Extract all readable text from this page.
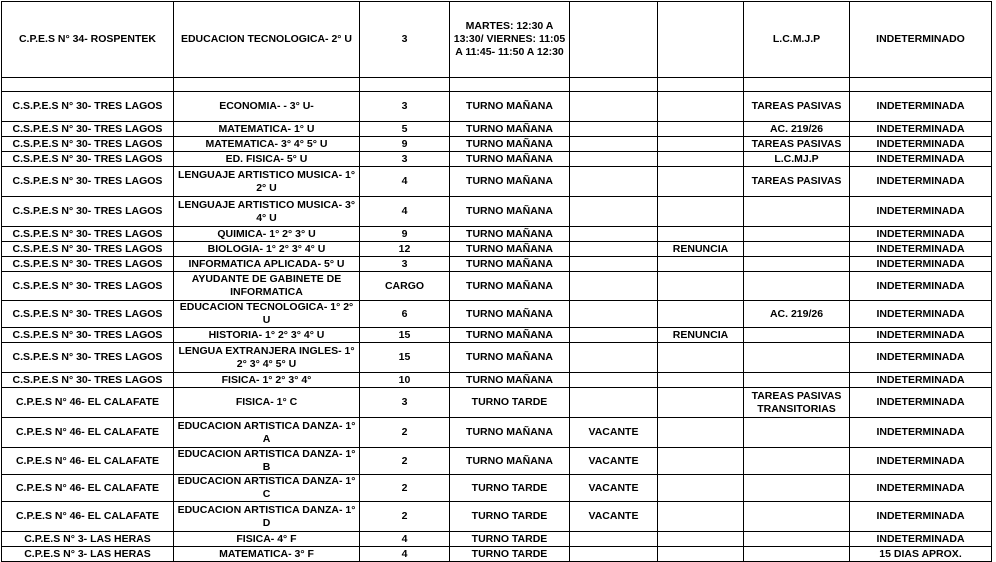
C.P.E.S N° 34- ROSPENTEK	EDUCACION TECNOLOGICA- 2° U	3	MARTES: 12:30 A 13:30/ VIERNES: 11:05 A 11:45- 11:50 A 12:30			L.C.M.J.P	INDETERMINADO

C.S.P.E.S N° 30- TRES LAGOS	ECONOMIA- - 3° U-	3	TURNO MAÑANA			TAREAS PASIVAS	INDETERMINADA
C.S.P.E.S N° 30- TRES LAGOS	MATEMATICA- 1° U	5	TURNO MAÑANA			AC. 219/26	INDETERMINADA
C.S.P.E.S N° 30- TRES LAGOS	MATEMATICA- 3° 4° 5° U	9	TURNO MAÑANA			TAREAS PASIVAS	INDETERMINADA
C.S.P.E.S N° 30- TRES LAGOS	ED. FISICA- 5° U	3	TURNO MAÑANA			L.C.MJ.P	INDETERMINADA
C.S.P.E.S N° 30- TRES LAGOS	LENGUAJE ARTISTICO MUSICA- 1° 2° U	4	TURNO MAÑANA			TAREAS PASIVAS	INDETERMINADA
C.S.P.E.S N° 30- TRES LAGOS	LENGUAJE ARTISTICO MUSICA- 3° 4° U	4	TURNO MAÑANA				INDETERMINADA
C.S.P.E.S N° 30- TRES LAGOS	QUIMICA- 1° 2° 3° U	9	TURNO MAÑANA				INDETERMINADA
C.S.P.E.S N° 30- TRES LAGOS	BIOLOGIA- 1° 2° 3° 4° U	12	TURNO MAÑANA		RENUNCIA		INDETERMINADA
C.S.P.E.S N° 30- TRES LAGOS	INFORMATICA APLICADA- 5° U	3	TURNO MAÑANA				INDETERMINADA
C.S.P.E.S N° 30- TRES LAGOS	AYUDANTE DE GABINETE DE INFORMATICA	CARGO	TURNO MAÑANA				INDETERMINADA
C.S.P.E.S N° 30- TRES LAGOS	EDUCACION TECNOLOGICA- 1° 2° U	6	TURNO MAÑANA			AC. 219/26	INDETERMINADA
C.S.P.E.S N° 30- TRES LAGOS	HISTORIA- 1° 2° 3° 4° U	15	TURNO MAÑANA		RENUNCIA		INDETERMINADA
C.S.P.E.S N° 30- TRES LAGOS	LENGUA EXTRANJERA INGLES- 1° 2° 3° 4° 5° U	15	TURNO MAÑANA				INDETERMINADA
C.S.P.E.S N° 30- TRES LAGOS	FISICA- 1° 2° 3° 4°	10	TURNO MAÑANA				INDETERMINADA
C.P.E.S N° 46- EL CALAFATE	FISICA- 1° C	3	TURNO TARDE			TAREAS PASIVAS TRANSITORIAS	INDETERMINADA
C.P.E.S N° 46- EL CALAFATE	EDUCACION ARTISTICA DANZA- 1° A	2	TURNO MAÑANA	VACANTE			INDETERMINADA
C.P.E.S N° 46- EL CALAFATE	EDUCACION ARTISTICA DANZA- 1° B	2	TURNO MAÑANA	VACANTE			INDETERMINADA
C.P.E.S N° 46- EL CALAFATE	EDUCACION ARTISTICA DANZA- 1° C	2	TURNO TARDE	VACANTE			INDETERMINADA
C.P.E.S N° 46- EL CALAFATE	EDUCACION ARTISTICA DANZA- 1° D	2	TURNO TARDE	VACANTE			INDETERMINADA
C.P.E.S N° 3- LAS HERAS	FISICA- 4° F	4	TURNO TARDE				INDETERMINADA
C.P.E.S N° 3- LAS HERAS	MATEMATICA- 3° F	4	TURNO TARDE				15 DIAS APROX.
